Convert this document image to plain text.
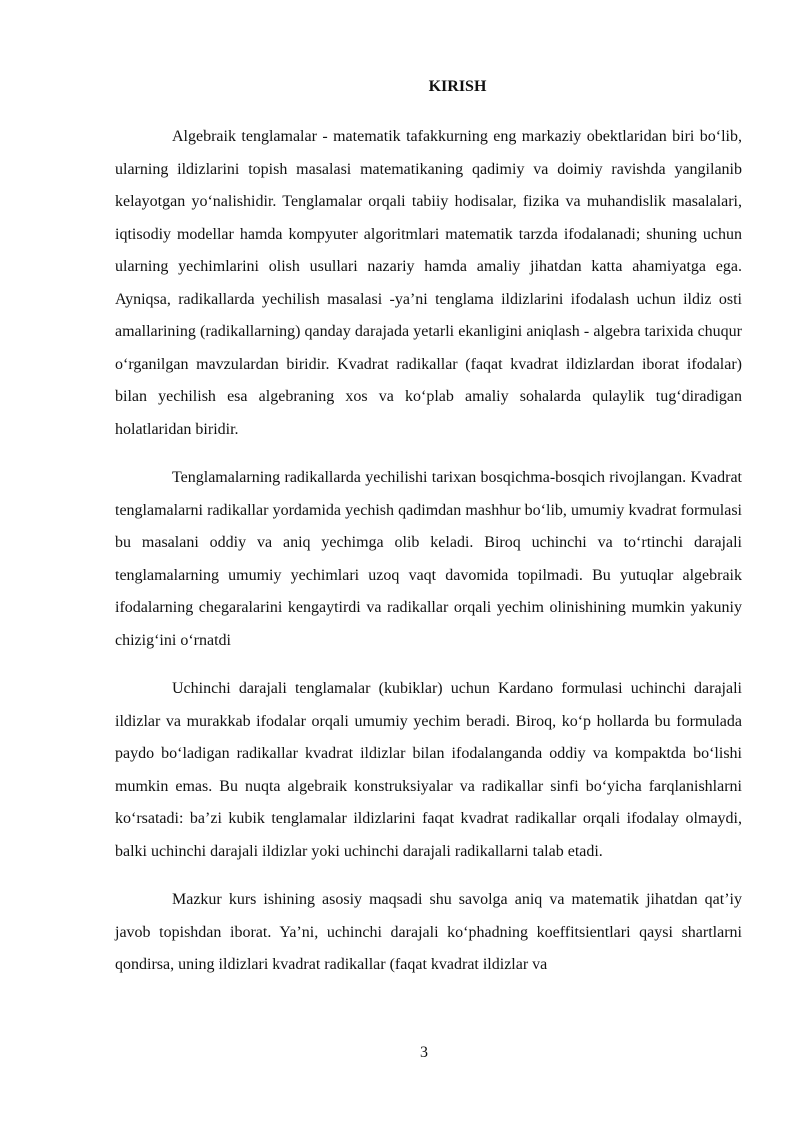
KIRISH

Algebraik tenglamalar - matematik tafakkurning eng markaziy obektlaridan biri bo‘lib, ularning ildizlarini topish masalasi matematikaning qadimiy va doimiy ravishda yangilanib kelayotgan yo‘nalishidir. Tenglamalar orqali tabiiy hodisalar, fizika va muhandislik masalalari, iqtisodiy modellar hamda kompyuter algoritmlari matematik tarzda ifodalanadi; shuning uchun ularning yechimlarini olish usullari nazariy hamda amaliy jihatdan katta ahamiyatga ega. Ayniqsa, radikallarda yechilish masalasi -ya’ni tenglama ildizlarini ifodalash uchun ildiz osti amallarining (radikallarning) qanday darajada yetarli ekanligini aniqlash - algebra tarixida chuqur o‘rganilgan mavzulardan biridir. Kvadrat radikallar (faqat kvadrat ildizlardan iborat ifodalar) bilan yechilish esa algebraning xos va ko‘plab amaliy sohalarda qulaylik tug‘diradigan holatlaridan biridir.

Tenglamalarning radikallarda yechilishi tarixan bosqichma-bosqich rivojlangan. Kvadrat tenglamalarni radikallar yordamida yechish qadimdan mashhur bo‘lib, umumiy kvadrat formulasi bu masalani oddiy va aniq yechimga olib keladi. Biroq uchinchi va to‘rtinchi darajali tenglamalarning umumiy yechimlari uzoq vaqt davomida topilmadi. Bu yutuqlar algebraik ifodalarning chegaralarini kengaytirdi va radikallar orqali yechim olinishining mumkin yakuniy chizig‘ini o‘rnatdi

Uchinchi darajali tenglamalar (kubiklar) uchun Kardano formulasi uchinchi darajali ildizlar va murakkab ifodalar orqali umumiy yechim beradi. Biroq, ko‘p hollarda bu formulada paydo bo‘ladigan radikallar kvadrat ildizlar bilan ifodalanganda oddiy va kompaktda bo‘lishi mumkin emas. Bu nuqta algebraik konstruksiyalar va radikallar sinfi bo‘yicha farqlanishlarni ko‘rsatadi: ba’zi kubik tenglamalar ildizlarini faqat kvadrat radikallar orqali ifodalay olmaydi, balki uchinchi darajali ildizlar yoki uchinchi darajali radikallarni talab etadi.

Mazkur kurs ishining asosiy maqsadi shu savolga aniq va matematik jihatdan qat’iy javob topishdan iborat. Ya’ni, uchinchi darajali ko‘phadning koeffitsientlari qaysi shartlarni qondirsa, uning ildizlari kvadrat radikallar (faqat kvadrat ildizlar va

3
